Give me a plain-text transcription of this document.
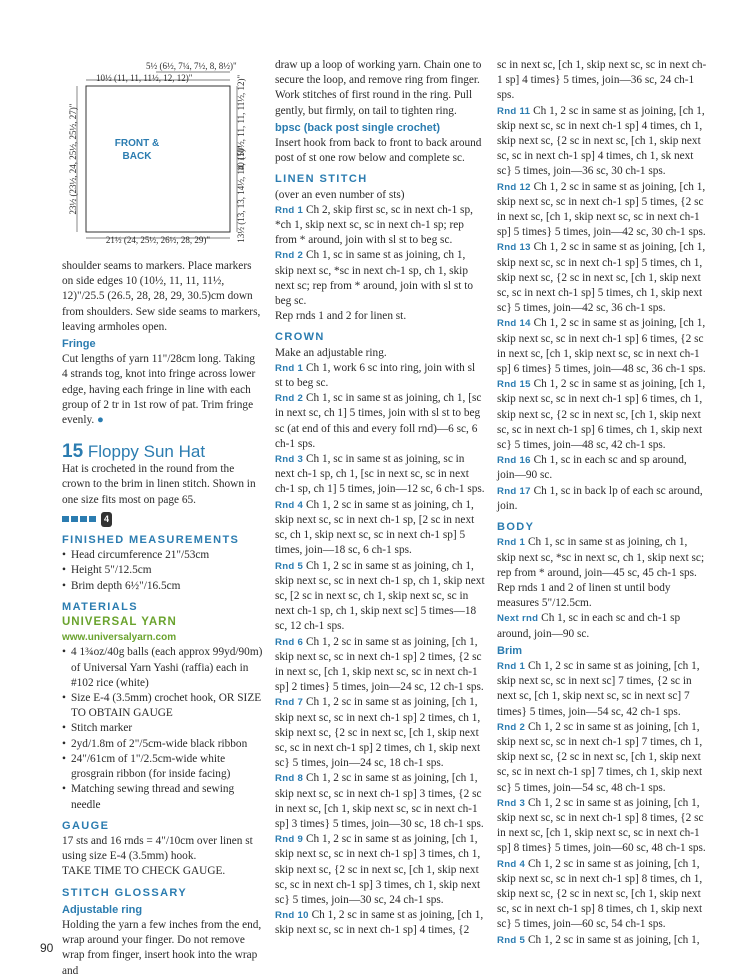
5½ (6½, 7¼, 7½, 8, 8½)"
10½ (11, 11, 11½, 12, 12)"
23½ (23½, 24, 25½, 25½, 27)"	10 (10½, 11, 11, 11½, 12)"
13½ (13, 13, 14½, 14, 15)"
21½ (24, 25½, 26½, 28, 29)"
FRONT & BACK

shoulder seams to markers. Place markers on side edges 10 (10½, 11, 11, 11½, 12)"/25.5 (26.5, 28, 28, 29, 30.5)cm down from shoulders. Sew side seams to markers, leaving armholes open.

Fringe

Cut lengths of yarn 11"/28cm long. Taking 4 strands tog, knot into fringe across lower edge, having each fringe in line with each group of 2 tr in 1st row of pat. Trim fringe evenly. ●

15 Floppy Sun Hat

Hat is crocheted in the round from the crown to the brim in linen stitch. Shown in one size fits most on page 65.

4
FINISHED MEASUREMENTS

• Head circumference 21"/53cm

• Height 5"/12.5cm

• Brim depth 6½"/16.5cm

MATERIALS
UNIVERSAL YARN
www.universalyarn.com

• 4 1¾oz/40g balls (each approx 99yd/90m) of Universal Yarn Yashi (raffia) each in #102 rice (white)

• Size E-4 (3.5mm) crochet hook, OR SIZE TO OBTAIN GAUGE

• Stitch marker

• 2yd/1.8m of 2"/5cm-wide black ribbon

• 24"/61cm of 1"/2.5cm-wide white grosgrain ribbon (for inside facing)

• Matching sewing thread and sewing needle

GAUGE

17 sts and 16 rnds = 4"/10cm over linen st using size E-4 (3.5mm) hook.

TAKE TIME TO CHECK GAUGE.

STITCH GLOSSARY
Adjustable ring

Holding the yarn a few inches from the end, wrap around your finger. Do not remove wrap from finger, insert hook into the wrap and

draw up a loop of working yarn. Chain one to secure the loop, and remove ring from finger. Work stitches of first round in the ring. Pull gently, but firmly, on tail to tighten ring.

bpsc (back post single crochet)

Insert hook from back to front to back around post of st one row below and complete sc.

LINEN STITCH

(over an even number of sts)

Rnd 1 Ch 2, skip first sc, sc in next ch-1 sp, *ch 1, skip next sc, sc in next ch-1 sp; rep from * around, join with sl st to beg sc.

Rnd 2 Ch 1, sc in same st as joining, ch 1, skip next sc, *sc in next ch-1 sp, ch 1, skip next sc; rep from * around, join with sl st to beg sc.

Rep rnds 1 and 2 for linen st.

CROWN

Make an adjustable ring.

Rnd 1 Ch 1, work 6 sc into ring, join with sl st to beg sc.

Rnd 2 Ch 1, sc in same st as joining, ch 1, [sc in next sc, ch 1] 5 times, join with sl st to beg sc (at end of this and every foll rnd)—6 sc, 6 ch-1 sps.

Rnd 3 Ch 1, sc in same st as joining, sc in next ch-1 sp, ch 1, [sc in next sc, sc in next ch-1 sp, ch 1] 5 times, join—12 sc, 6 ch-1 sps.

Rnd 4 Ch 1, 2 sc in same st as joining, ch 1, skip next sc, sc in next ch-1 sp, [2 sc in next sc, ch 1, skip next sc, sc in next ch-1 sp] 5 times, join—18 sc, 6 ch-1 sps.

Rnd 5 Ch 1, 2 sc in same st as joining, ch 1, skip next sc, sc in next ch-1 sp, ch 1, skip next sc, [2 sc in next sc, ch 1, skip next sc, sc in next ch-1 sp, ch 1, skip next sc] 5 times—18 sc, 12 ch-1 sps.

Rnd 6 Ch 1, 2 sc in same st as joining, [ch 1, skip next sc, sc in next ch-1 sp] 2 times, {2 sc in next sc, [ch 1, skip next sc, sc in next ch-1 sp] 2 times} 5 times, join—24 sc, 12 ch-1 sps.

Rnd 7 Ch 1, 2 sc in same st as joining, [ch 1, skip next sc, sc in next ch-1 sp] 2 times, ch 1, skip next sc, {2 sc in next sc, [ch 1, skip next sc, sc in next ch-1 sp] 2 times, ch 1, skip next sc} 5 times, join—24 sc, 18 ch-1 sps.

Rnd 8 Ch 1, 2 sc in same st as joining, [ch 1, skip next sc, sc in next ch-1 sp] 3 times, {2 sc in next sc, [ch 1, skip next sc, sc in next ch-1 sp] 3 times} 5 times, join—30 sc, 18 ch-1 sps.

Rnd 9 Ch 1, 2 sc in same st as joining, [ch 1, skip next sc, sc in next ch-1 sp] 3 times, ch 1, skip next sc, {2 sc in next sc, [ch 1, skip next sc, sc in next ch-1 sp] 3 times, ch 1, skip next sc} 5 times, join—30 sc, 24 ch-1 sps.

Rnd 10 Ch 1, 2 sc in same st as joining, [ch 1, skip next sc, sc in next ch-1 sp] 4 times, {2

sc in next sc, [ch 1, skip next sc, sc in next ch-1 sp] 4 times} 5 times, join—36 sc, 24 ch-1 sps.

Rnd 11 Ch 1, 2 sc in same st as joining, [ch 1, skip next sc, sc in next ch-1 sp] 4 times, ch 1, skip next sc, {2 sc in next sc, [ch 1, skip next sc, sc in next ch-1 sp] 4 times, ch 1, sk next sc} 5 times, join—36 sc, 30 ch-1 sps.

Rnd 12 Ch 1, 2 sc in same st as joining, [ch 1, skip next sc, sc in next ch-1 sp] 5 times, {2 sc in next sc, [ch 1, skip next sc, sc in next ch-1 sp] 5 times} 5 times, join—42 sc, 30 ch-1 sps.

Rnd 13 Ch 1, 2 sc in same st as joining, [ch 1, skip next sc, sc in next ch-1 sp] 5 times, ch 1, skip next sc, {2 sc in next sc, [ch 1, skip next sc, sc in next ch-1 sp] 5 times, ch 1, skip next sc} 5 times, join—42 sc, 36 ch-1 sps.

Rnd 14 Ch 1, 2 sc in same st as joining, [ch 1, skip next sc, sc in next ch-1 sp] 6 times, {2 sc in next sc, [ch 1, skip next sc, sc in next ch-1 sp] 6 times} 5 times, join—48 sc, 36 ch-1 sps.

Rnd 15 Ch 1, 2 sc in same st as joining, [ch 1, skip next sc, sc in next ch-1 sp] 6 times, ch 1, skip next sc, {2 sc in next sc, [ch 1, skip next sc, sc in next ch-1 sp] 6 times, ch 1, skip next sc} 5 times, join—48 sc, 42 ch-1 sps.

Rnd 16 Ch 1, sc in each sc and sp around, join—90 sc.

Rnd 17 Ch 1, sc in back lp of each sc around, join.

BODY

Rnd 1 Ch 1, sc in same st as joining, ch 1, skip next sc, *sc in next sc, ch 1, skip next sc; rep from * around, join—45 sc, 45 ch-1 sps.

Rep rnds 1 and 2 of linen st until body measures 5"/12.5cm.

Next rnd Ch 1, sc in each sc and ch-1 sp around, join—90 sc.

Brim

Rnd 1 Ch 1, 2 sc in same st as joining, [ch 1, skip next sc, sc in next sc] 7 times, {2 sc in next sc, [ch 1, skip next sc, sc in next sc] 7 times} 5 times, join—54 sc, 42 ch-1 sps.

Rnd 2 Ch 1, 2 sc in same st as joining, [ch 1, skip next sc, sc in next ch-1 sp] 7 times, ch 1, skip next sc, {2 sc in next sc, [ch 1, skip next sc, sc in next ch-1 sp] 7 times, ch 1, skip next sc} 5 times, join—54 sc, 48 ch-1 sps.

Rnd 3 Ch 1, 2 sc in same st as joining, [ch 1, skip next sc, sc in next ch-1 sp] 8 times, {2 sc in next sc, [ch 1, skip next sc, sc in next ch-1 sp] 8 times} 5 times, join—60 sc, 48 ch-1 sps.

Rnd 4 Ch 1, 2 sc in same st as joining, [ch 1, skip next sc, sc in next ch-1 sp] 8 times, ch 1, skip next sc, {2 sc in next sc, [ch 1, skip next sc, sc in next ch-1 sp] 8 times, ch 1, skip next sc} 5 times, join—60 sc, 54 ch-1 sps.

Rnd 5 Ch 1, 2 sc in same st as joining, [ch 1,

90
